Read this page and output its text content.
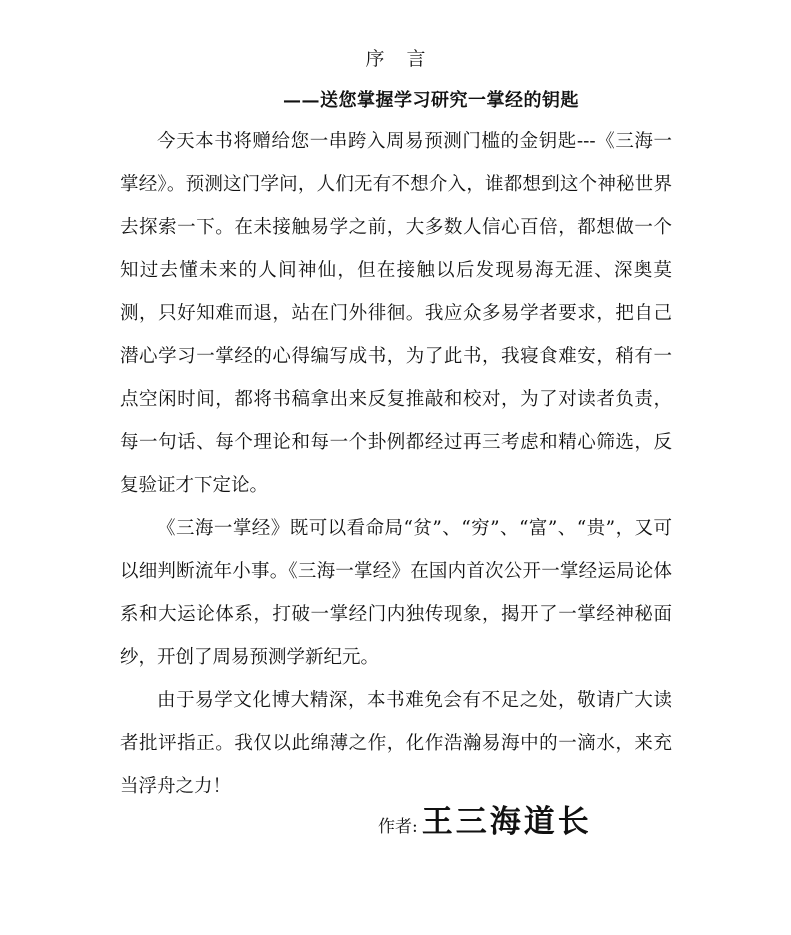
序 言
——送您掌握学习研究一掌经的钥匙

今天本书将赠给您一串跨入周易预测门槛的金钥匙---《三海一掌经》。预测这门学问，人们无有不想介入，谁都想到这个神秘世界去探索一下。在未接触易学之前，大多数人信心百倍，都想做一个知过去懂未来的人间神仙，但在接触以后发现易海无涯、深奥莫测，只好知难而退，站在门外徘徊。我应众多易学者要求，把自己潜心学习一掌经的心得编写成书，为了此书，我寝食难安，稍有一点空闲时间，都将书稿拿出来反复推敲和校对，为了对读者负责，每一句话、每个理论和每一个卦例都经过再三考虑和精心筛选，反复验证才下定论。

《三海一掌经》既可以看命局“贫”、“穷”、“富”、“贵”，又可以细判断流年小事。《三海一掌经》在国内首次公开一掌经运局论体系和大运论体系，打破一掌经门内独传现象，揭开了一掌经神秘面纱，开创了周易预测学新纪元。

由于易学文化博大精深，本书难免会有不足之处，敬请广大读者批评指正。我仅以此绵薄之作，化作浩瀚易海中的一滴水，来充当浮舟之力！

作者: 王三海道长
